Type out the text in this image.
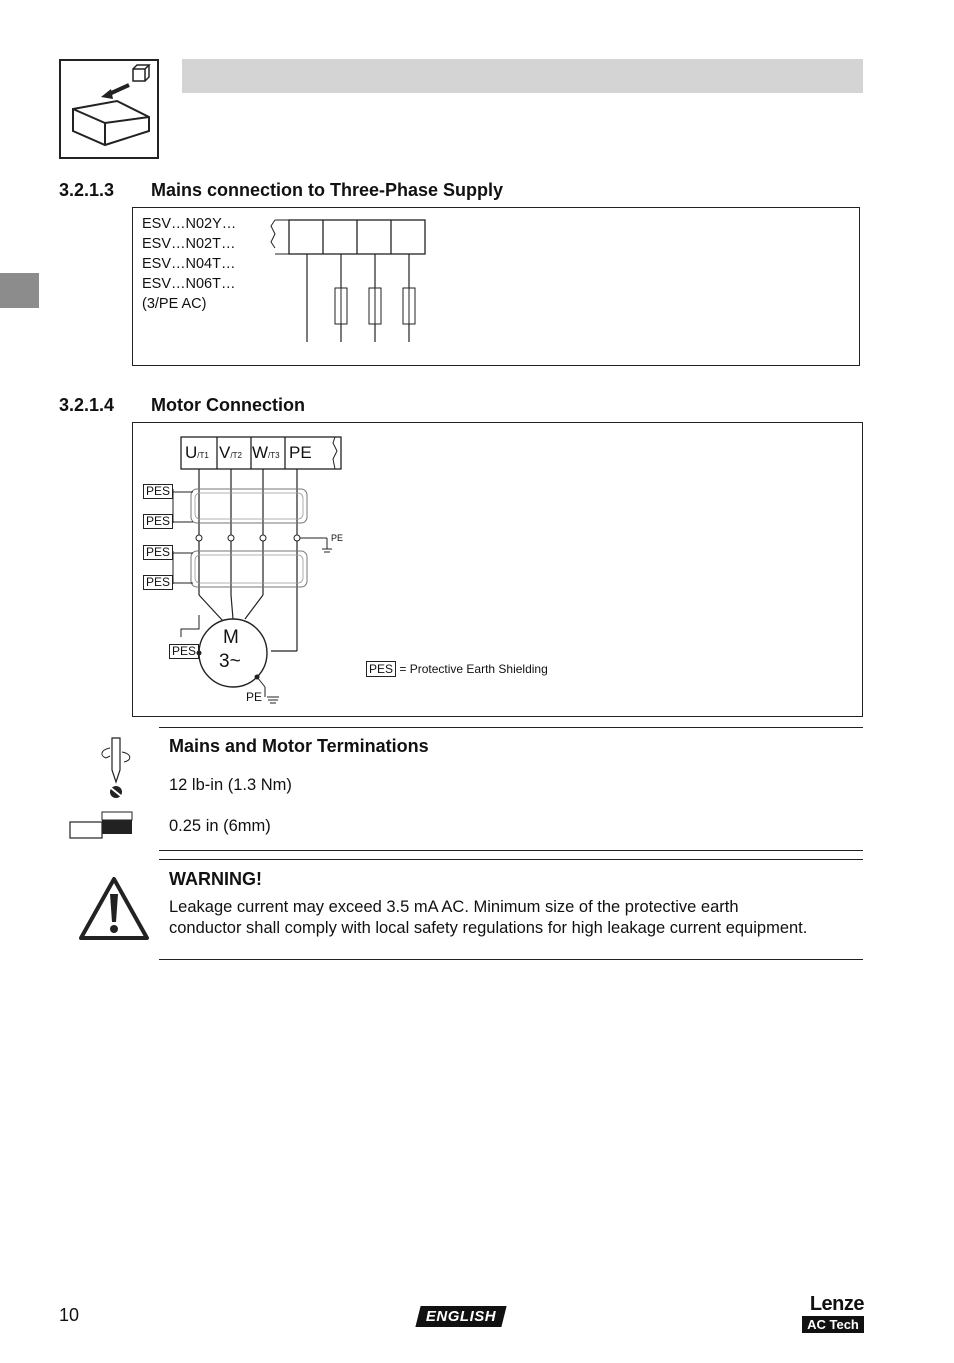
3.2.1.3 Mains connection to Three-Phase Supply
ESV…N02Y…
ESV…N02T…
ESV…N04T…
ESV…N06T…
(3/PE AC)
3.2.1.4 Motor Connection
U/T1 V/T2 W/T3 PE
PES
PES
PES
PES
PES
PE
PE
M
3~	PES = Protective Earth Shielding
Mains and Motor Terminations
12 lb-in (1.3 Nm)
0.25 in (6mm)
WARNING!
Leakage current may exceed 3.5 mA AC. Minimum size of the protective earth
conductor shall comply with local safety regulations for high leakage current equipment.
10	ENGLISH
Lenze
AC Tech
